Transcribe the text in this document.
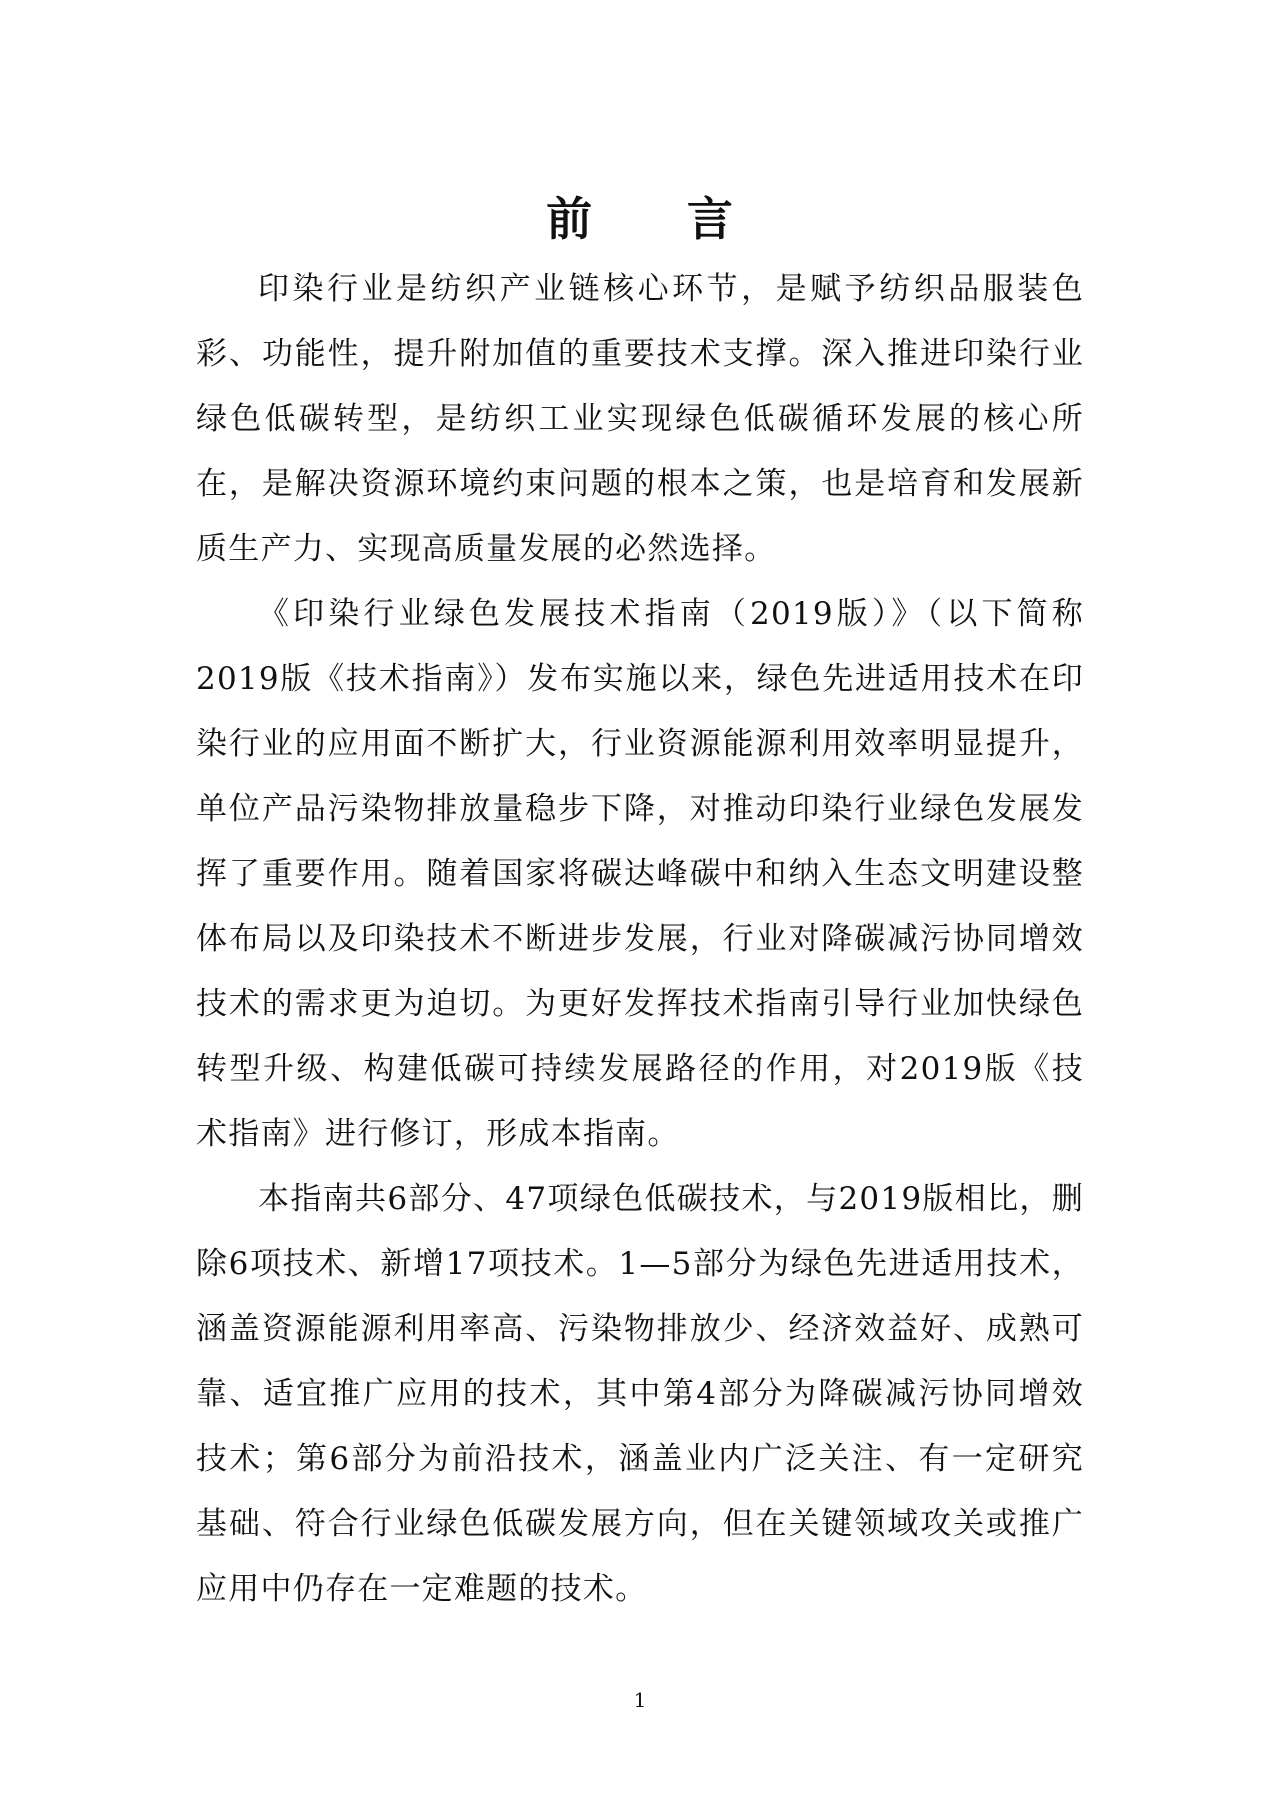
前　　言

印染行业是纺织产业链核心环节，是赋予纺织品服装色彩、功能性，提升附加值的重要技术支撑。深入推进印染行业绿色低碳转型，是纺织工业实现绿色低碳循环发展的核心所在，是解决资源环境约束问题的根本之策，也是培育和发展新质生产力、实现高质量发展的必然选择。

《印染行业绿色发展技术指南（2019版）》（以下简称2019版《技术指南》）发布实施以来，绿色先进适用技术在印染行业的应用面不断扩大，行业资源能源利用效率明显提升，单位产品污染物排放量稳步下降，对推动印染行业绿色发展发挥了重要作用。随着国家将碳达峰碳中和纳入生态文明建设整体布局以及印染技术不断进步发展，行业对降碳减污协同增效技术的需求更为迫切。为更好发挥技术指南引导行业加快绿色转型升级、构建低碳可持续发展路径的作用，对2019版《技术指南》进行修订，形成本指南。

本指南共6部分、47项绿色低碳技术，与2019版相比，删除6项技术、新增17项技术。1—5部分为绿色先进适用技术，涵盖资源能源利用率高、污染物排放少、经济效益好、成熟可靠、适宜推广应用的技术，其中第4部分为降碳减污协同增效技术；第6部分为前沿技术，涵盖业内广泛关注、有一定研究基础、符合行业绿色低碳发展方向，但在关键领域攻关或推广应用中仍存在一定难题的技术。

1
